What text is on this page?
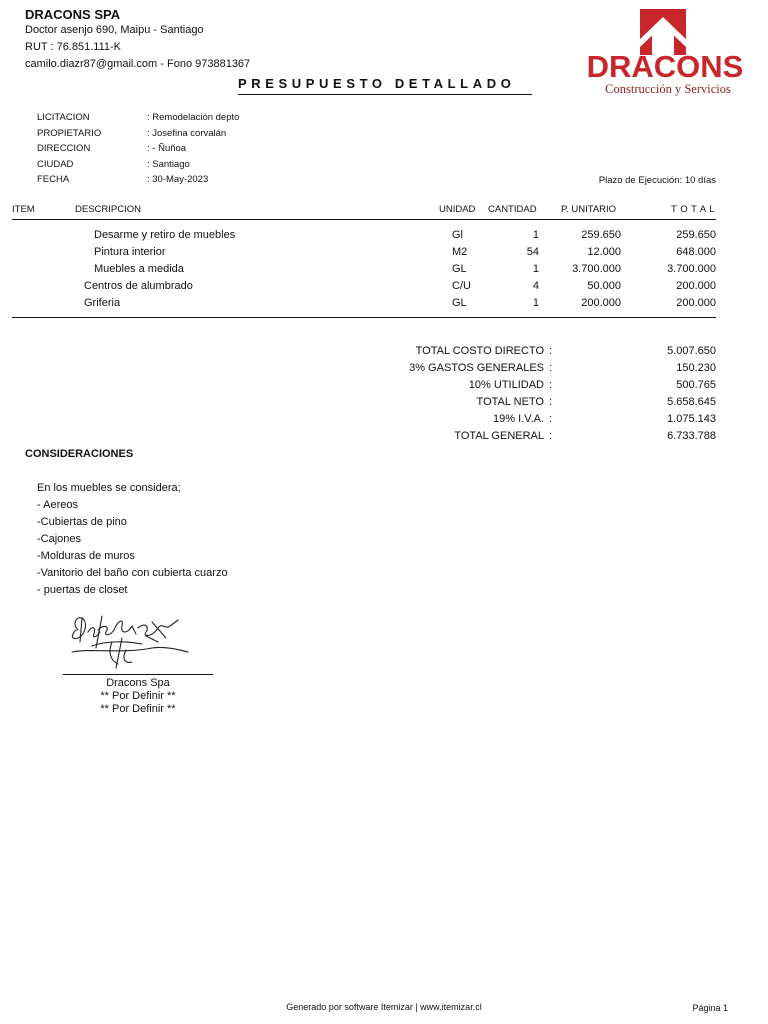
DRACONS SPA
Doctor asenjo 690, Maipu - Santiago
RUT : 76.851.111-K
camilo.diazr87@gmail.com - Fono 973881367	DRACONS
Construcción y Servicios
PRESUPUESTO DETALLADO
LICITACION	: Remodelación depto
PROPIETARIO	: Josefina corvalán
DIRECCION	: - Ñuñoa
CIUDAD	: Santiago
FECHA	: 30-May-2023	Plazo de Ejecución: 10 días
ITEM	DESCRIPCION	UNIDAD CANTIDAD	P. UNITARIO	T O T A L
Desarme y retiro de muebles	Gl	1	259.650	259.650
Pintura interior	M2	54	12.000	648.000
Muebles a medida	GL	1	3.700.000	3.700.000
Centros de alumbrado	C/U	4	50.000	200.000
Griferia	GL	1	200.000	200.000
TOTAL COSTO DIRECTO :	5.007.650
3% GASTOS GENERALES :	150.230
10% UTILIDAD :	500.765
TOTAL NETO :	5.658.645
19% I.V.A. :	1.075.143
TOTAL GENERAL :	6.733.788
CONSIDERACIONES
En los muebles se considera;
- Aereos
-Cubiertas de pino
-Cajones
-Molduras de muros
-Vanitorio del baño con cubierta cuarzo
- puertas de closet
Dracons Spa
** Por Definir **
** Por Definir **
Generado por software Itemizar | www.itemizar.cl	Página 1
